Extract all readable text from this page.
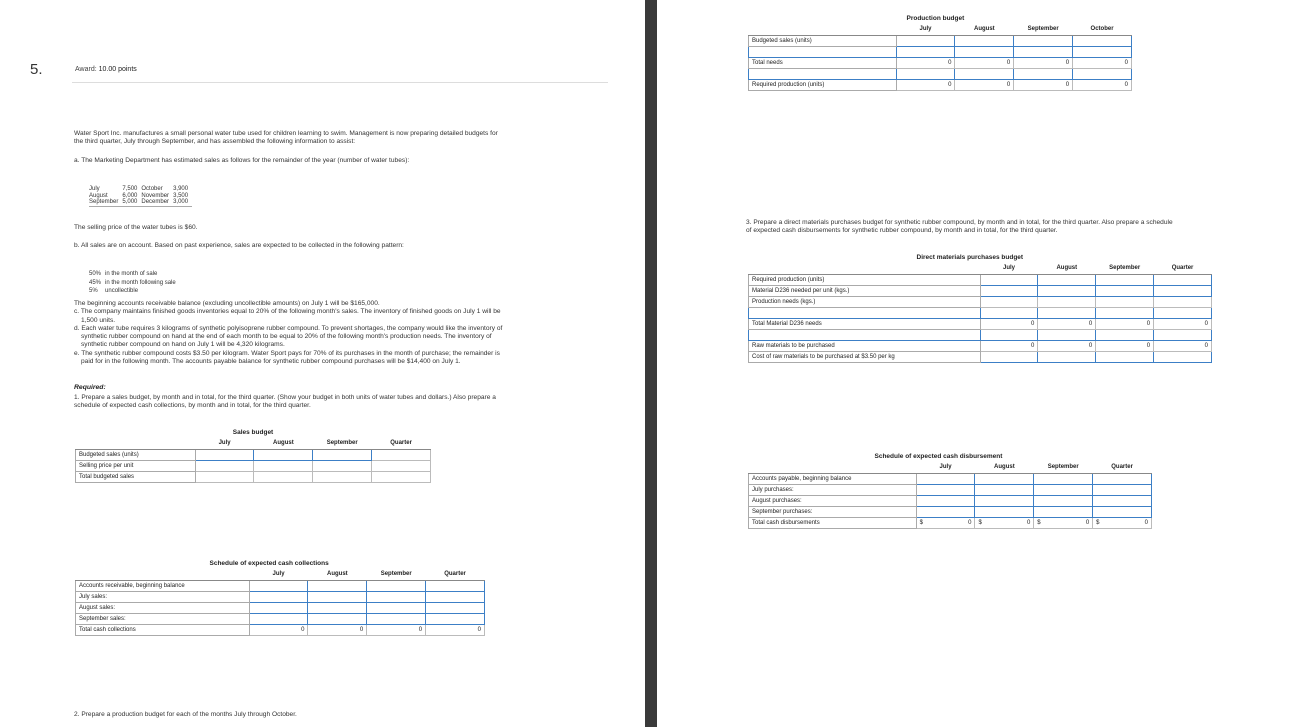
5.	Award: 10.00 points
Water Sport Inc. manufactures a small personal water tube used for children learning to swim. Management is now preparing detailed budgets for
the third quarter, July through September, and has assembled the following information to assist:
a. The Marketing Department has estimated sales as follows for the remainder of the year (number of water tubes):
July	7,500	October	3,900
August	6,000	November	3,500
September	5,000	December	3,000
The selling price of the water tubes is $60.
b. All sales are on account. Based on past experience, sales are expected to be collected in the following pattern:
50%	in the month of sale
45%	in the month following sale
5%	uncollectible
The beginning accounts receivable balance (excluding uncollectible amounts) on July 1 will be $165,000.
c. The company maintains finished goods inventories equal to 20% of the following month's sales. The inventory of finished goods on July 1 will be
1,500 units.
d. Each water tube requires 3 kilograms of synthetic polyisoprene rubber compound. To prevent shortages, the company would like the inventory of
synthetic rubber compound on hand at the end of each month to be equal to 20% of the following month's production needs. The inventory of
synthetic rubber compound on hand on July 1 will be 4,320 kilograms.
e. The synthetic rubber compound costs $3.50 per kilogram. Water Sport pays for 70% of its purchases in the month of purchase; the remainder is
paid for in the following month. The accounts payable balance for synthetic rubber compound purchases will be $14,400 on July 1.
Required:
1. Prepare a sales budget, by month and in total, for the third quarter. (Show your budget in both units of water tubes and dollars.) Also prepare a
schedule of expected cash collections, by month and in total, for the third quarter.
Sales budget				
	July	August	September	Quarter
Budgeted sales (units)	

Selling price per unit				
Total budgeted sales				
Schedule of expected cash collections				
	July	August	September	Quarter
Accounts receivable, beginning balance	

July sales:	

August sales:	

September sales:	

Total cash collections	0	0	0	0
2. Prepare a production budget for each of the months July through October.
Production budget				
	July	August	September	October
Budgeted sales (units)	

Total needs	0	0	0	0

Required production (units)	0	0	0	0
3. Prepare a direct materials purchases budget for synthetic rubber compound, by month and in total, for the third quarter. Also prepare a schedule
of expected cash disbursements for synthetic rubber compound, by month and in total, for the third quarter.
Direct materials purchases budget				
	July	August	September	Quarter
Required production (units)	

Material D236 needed per unit (kgs.)	

Production needs (kgs.)				

Total Material D236 needs	0	0	0	0

Raw materials to be purchased	0	0	0	0
Cost of raw materials to be purchased at $3.50 per kg	

Schedule of expected cash disbursement				
	July	August	September	Quarter
Accounts payable, beginning balance	

July purchases:	

August purchases:	

September purchases:	

Total cash disbursements	$ 0	$ 0	$ 0	$ 0
